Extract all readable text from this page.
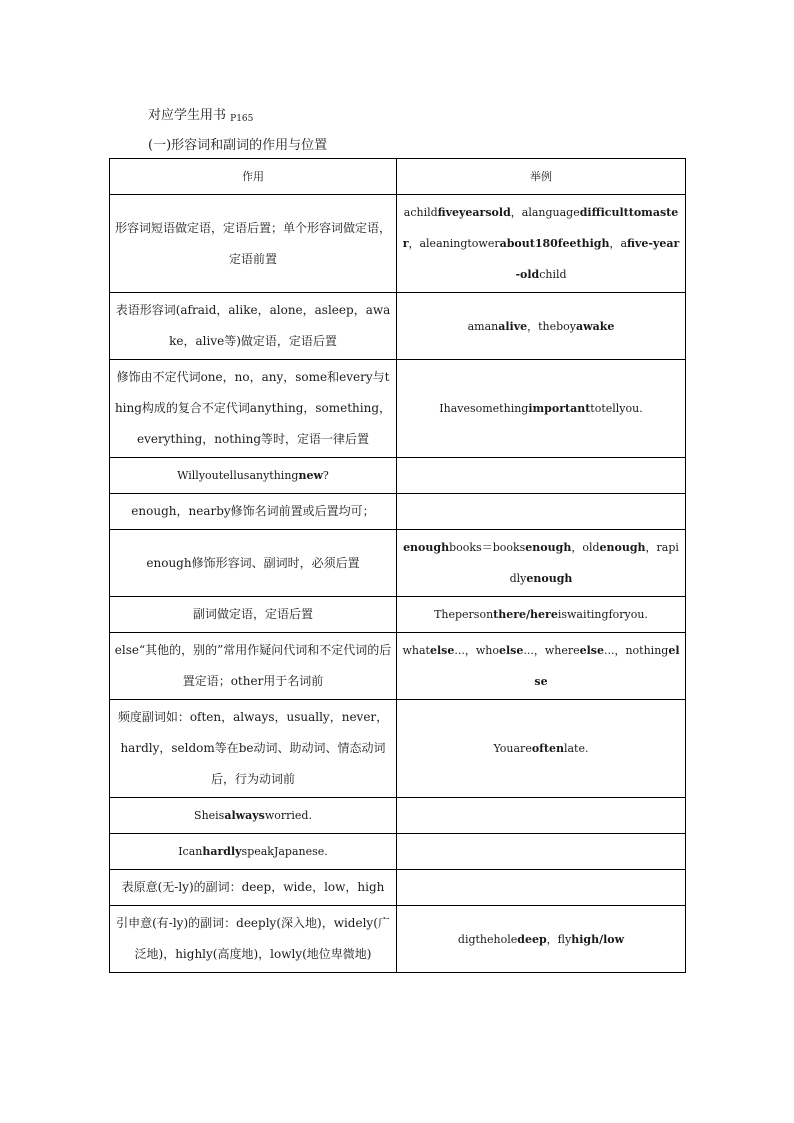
对应学生用书 $_{P165}$
(一)形容词和副词的作用与位置
作用	举例
形容词短语做定语，定语后置；单个形容词做定语，定语前置	achildfiveyearsold，alanguagedifficulttomaster，aleaningtowerabout180feethigh，afive-year-oldchild
表语形容词(afraid，alike，alone，asleep，awake，alive等)做定语，定语后置	amanalive，theboyawake
修饰由不定代词one，no，any，some和every与thing构成的复合不定代词anything，something，everything，nothing等时，定语一律后置	Ihavesomethingimportanttotellyou.
Willyoutellusanythingnew?	
enough，nearby修饰名词前置或后置均可；	
enough修饰形容词、副词时，必须后置	enoughbooks＝booksenough，oldenough，rapidlyenough
副词做定语，定语后置	Thepersonthere/hereiswaitingforyou.
else“其他的，别的”常用作疑问代词和不定代词的后置定语；other用于名词前	whatelse...，whoelse...，whereelse...，nothingelse
频度副词如：often，always，usually，never，hardly，seldom等在be动词、助动词、情态动词后，行为动词前	Youareoftenlate.
Sheisalwaysworried.	
IcanhardlyspeakJapanese.	
表原意(无-ly)的副词：deep，wide，low，high	
引申意(有-ly)的副词：deeply(深入地)，widely(广泛地)，highly(高度地)，lowly(地位卑微地)	digtheholedeep，flyhigh/low
